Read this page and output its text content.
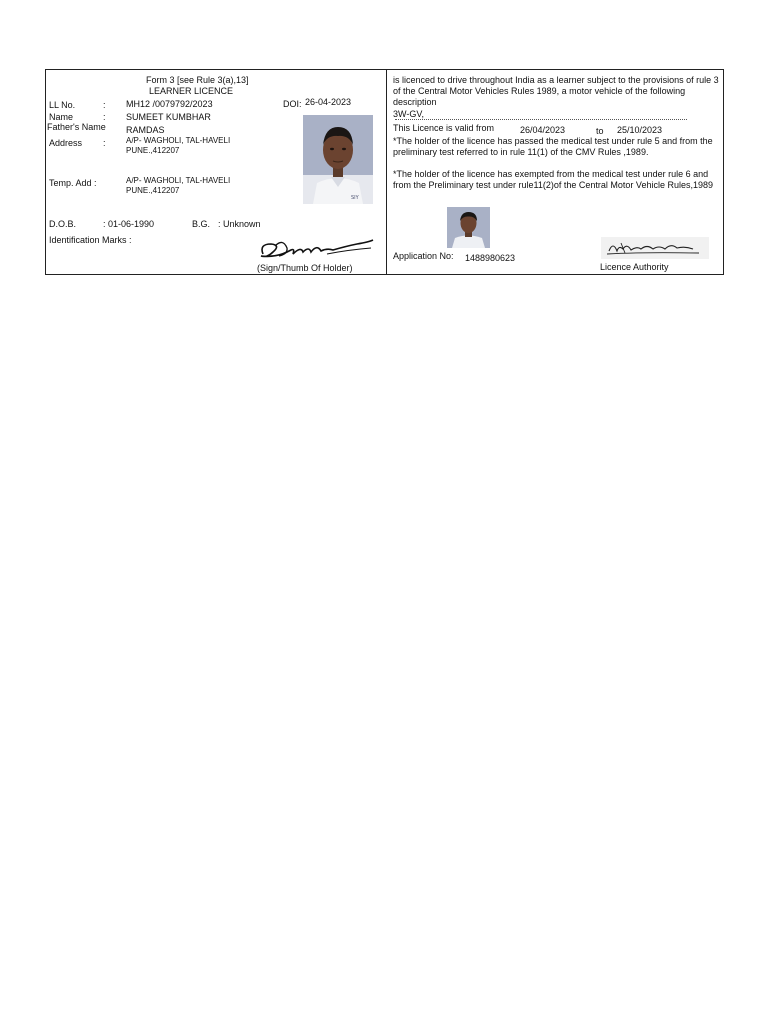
Form 3 [see Rule 3(a),13]
LEARNER LICENCE
LL No.	: MH12 /0079792/2023	DOI: 26-04-2023
Name	: SUMEET KUMBHAR
Father's Name RAMDAS
Address :	A/P- WAGHOLI, TAL-HAVELI
PUNE.,412207
Temp. Add :	A/P- WAGHOLI, TAL-HAVELI
PUNE.,412207
D.O.B.	: 01-06-1990	B.G. : Unknown
Identification Marks :
SIY
(Sign/Thumb Of Holder)
is licenced to drive throughout India as a learner subject to the provisions of rule 3 of the Central Motor Vehicles Rules 1989, a motor vehicle of the following description
3W-GV,
This Licence is valid from	26/04/2023	to 25/10/2023
*The holder of the licence has passed the medical test under rule 5 and from the preliminary test referred to in rule 11(1) of the CMV Rules ,1989.
*The holder of the licence has exempted from the medical test under rule 6 and from the Preliminary test under rule11(2)of the Central Motor Vehicle Rules,1989
Application No: 1488980623
Licence Authority
